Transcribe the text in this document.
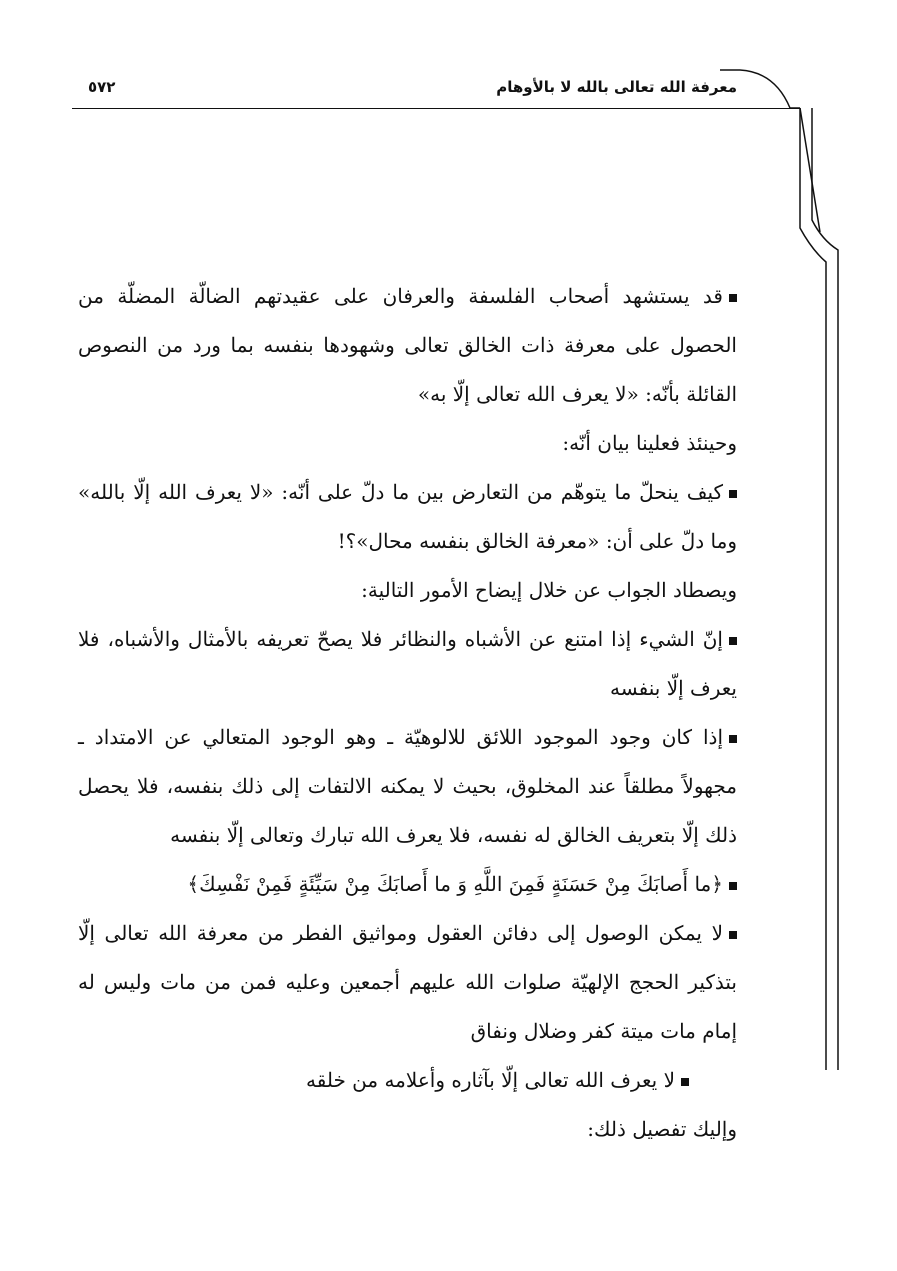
معرفة الله تعالى بالله لا بالأوهام
٥٧٢

قد يستشهد أصحاب الفلسفة والعرفان على عقيدتهم الضالّة المضلّة من الحصول على معرفة ذات الخالق تعالى وشهودها بنفسه بما ورد من النصوص القائلة بأنّه: «لا يعرف الله تعالى إلّا به»

وحينئذ فعلينا بيان أنّه:

كيف ينحلّ ما يتوهّم من التعارض بين ما دلّ على أنّه: «لا يعرف الله إلّا بالله» وما دلّ على أن: «معرفة الخالق بنفسه محال»؟!

ويصطاد الجواب عن خلال إيضاح الأمور التالية:

إنّ الشيء إذا امتنع عن الأشباه والنظائر فلا يصحّ تعريفه بالأمثال والأشباه، فلا يعرف إلّا بنفسه

إذا كان وجود الموجود اللائق للالوهيّة ـ وهو الوجود المتعالي عن الامتداد ـ مجهولاً مطلقاً عند المخلوق، بحيث لا يمكنه الالتفات إلى ذلك بنفسه، فلا يحصل ذلك إلّا بتعريف الخالق له نفسه، فلا يعرف الله تبارك وتعالى إلّا بنفسه

﴿ما أَصابَكَ مِنْ حَسَنَةٍ فَمِنَ اللَّهِ وَ ما أَصابَكَ مِنْ سَيِّئَةٍ فَمِنْ نَفْسِكَ﴾

لا يمكن الوصول إلى دفائن العقول ومواثيق الفطر من معرفة الله تعالى إلّا بتذكير الحجج الإلهيّة صلوات الله عليهم أجمعين وعليه فمن من مات وليس له إمام مات ميتة كفر وضلال ونفاق

لا يعرف الله تعالى إلّا بآثاره وأعلامه من خلقه

وإليك تفصيل ذلك:
